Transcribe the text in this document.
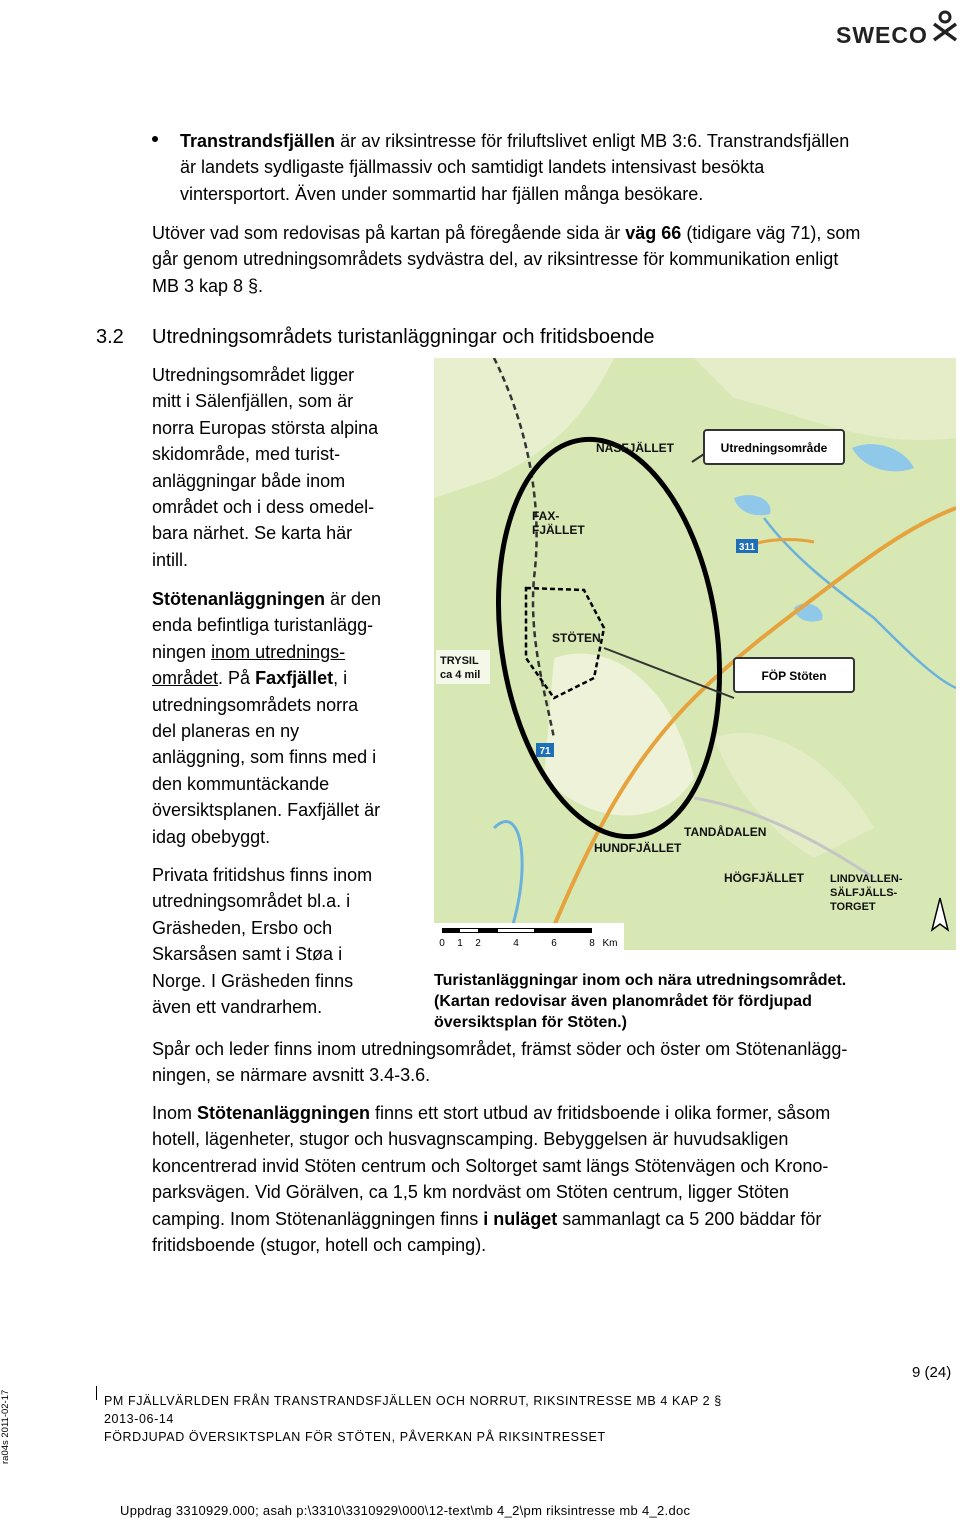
SWECO
Transtrandsfjällen är av riksintresse för friluftslivet enligt MB 3:6. Transtrandsfjällen
är landets sydligaste fjällmassiv och samtidigt landets intensivast besökta
vintersportort. Även under sommartid har fjällen många besökare.
Utöver vad som redovisas på kartan på föregående sida är väg 66 (tidigare väg 71), som
går genom utredningsområdets sydvästra del, av riksintresse för kommunikation enligt
MB 3 kap 8 §.
3.2 Utredningsområdets turistanläggningar och fritidsboende
Utredningsområdet ligger
mitt i Sälenfjällen, som är
norra Europas största alpina
skidområde, med turist-
anläggningar både inom
området och i dess omedel-
bara närhet. Se karta här
intill.
Stötenanläggningen är den
enda befintliga turistanlägg-
ningen inom utrednings-
området. På Faxfjället, i
utredningsområdets norra
del planeras en ny
anläggning, som finns med i
den kommuntäckande
översiktsplanen. Faxfjället är
idag obebyggt.
Privata fritidshus finns inom
utredningsområdet bl.a. i
Gräsheden, Ersbo och
Skarsåsen samt i Støa i
Norge. I Gräsheden finns
även ett vandrarhem.
311
71
Utredningsområde
FÖP Stöten
NÄSFJÄLLET
FAX-
FJÄLLET
STÖTEN
TRYSIL
ca 4 mil
TANDÅDALEN
HUNDFJÄLLET
HÖGFJÄLLET LINDVALLEN-
SÄLFJÄLLS-
TORGET
0 1 2	4	6	8 Km
Turistanläggningar inom och nära utredningsområdet.
(Kartan redovisar även planområdet för fördjupad
översiktsplan för Stöten.)
Spår och leder finns inom utredningsområdet, främst söder och öster om Stötenanlägg-
ningen, se närmare avsnitt 3.4-3.6.
Inom Stötenanläggningen finns ett stort utbud av fritidsboende i olika former, såsom
hotell, lägenheter, stugor och husvagnscamping. Bebyggelsen är huvudsakligen
koncentrerad invid Stöten centrum och Soltorget samt längs Stötenvägen och Krono-
parksvägen. Vid Görälven, ca 1,5 km nordväst om Stöten centrum, ligger Stöten
camping. Inom Stötenanläggningen finns i nuläget sammanlagt ca 5 200 bäddar för
fritidsboende (stugor, hotell och camping).
9 (24)
PM FJÄLLVÄRLDEN FRÅN TRANSTRANDSFJÄLLEN OCH NORRUT, RIKSINTRESSE MB 4 KAP 2 §
2013-06-14
FÖRDJUPAD ÖVERSIKTSPLAN FÖR STÖTEN, PÅVERKAN PÅ RIKSINTRESSET
ra04s 2011-02-17
Uppdrag 3310929.000; asah p:\3310\3310929\000\12-text\mb 4_2\pm riksintresse mb 4_2.doc
